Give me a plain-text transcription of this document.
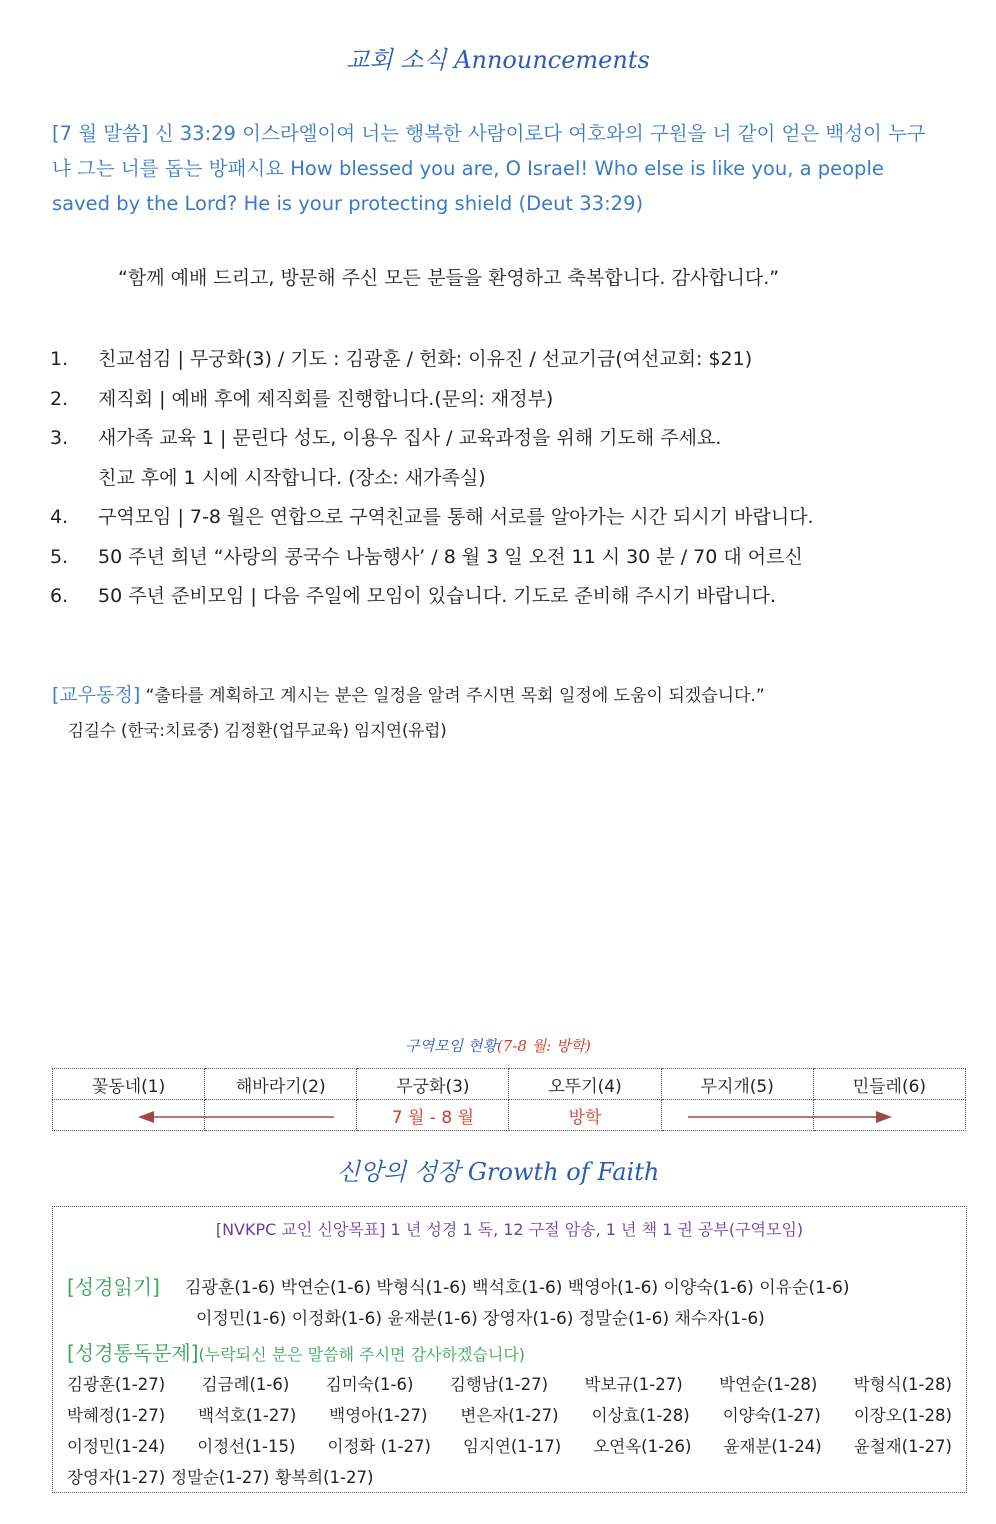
교회 소식 Announcements
[7 월 말씀] 신 33:29 이스라엘이여 너는 행복한 사람이로다 여호와의 구원을 너 같이 얻은 백성이 누구냐 그는 너를 돕는 방패시요 How blessed you are, O Israel! Who else is like you, a people saved by the Lord? He is your protecting shield (Deut 33:29)
“함께 예배 드리고, 방문해 주신 모든 분들을 환영하고 축복합니다. 감사합니다.”
1.	친교섬김 | 무궁화(3) / 기도 : 김광훈 / 헌화: 이유진 / 선교기금(여선교회: $21)
2.	제직회 | 예배 후에 제직회를 진행합니다.(문의: 재정부)
3.	새가족 교육 1 | 문린다 성도, 이용우 집사 / 교육과정을 위해 기도해 주세요.
친교 후에 1 시에 시작합니다. (장소: 새가족실)
4.	구역모임 | 7-8 월은 연합으로 구역친교를 통해 서로를 알아가는 시간 되시기 바랍니다.
5.	50 주년 희년 “사랑의 콩국수 나눔행사’ / 8 월 3 일 오전 11 시 30 분 / 70 대 어르신
6.	50 주년 준비모임 | 다음 주일에 모임이 있습니다. 기도로 준비해 주시기 바랍니다.
[교우동정] “출타를 계획하고 계시는 분은 일정을 알려 주시면 목회 일정에 도움이 되겠습니다.”
김길수 (한국:치료중) 김정환(업무교육) 임지연(유럽)
구역모임 현황(7-8 월: 방학)
꽃동네(1)	해바라기(2)	무궁화(3)	오뚜기(4)	무지개(5)	민들레(6)
		7 월 - 8 월	방학		
신앙의 성장 Growth of Faith
[NVKPC 교인 신앙목표] 1 년 성경 1 독, 12 구절 암송, 1 년 책 1 권 공부(구역모임)
[성경읽기] 김광훈(1-6) 박연순(1-6) 박형식(1-6) 백석호(1-6) 백영아(1-6) 이양숙(1-6) 이유순(1-6)
이정민(1-6) 이정화(1-6) 윤재분(1-6) 장영자(1-6) 정말순(1-6) 채수자(1-6)
[성경통독문제](누락되신 분은 말씀해 주시면 감사하겠습니다)
김광훈(1-27) 김금례(1-6) 김미숙(1-6) 김행남(1-27) 박보규(1-27) 박연순(1-28) 박형식(1-28)
박혜정(1-27) 백석호(1-27) 백영아(1-27) 변은자(1-27) 이상효(1-28) 이양숙(1-27) 이장오(1-28)
이정민(1-24) 이정선(1-15) 이정화 (1-27) 임지연(1-17) 오연옥(1-26) 윤재분(1-24) 윤철재(1-27)
장영자(1-27) 정말순(1-27) 황복희(1-27)
